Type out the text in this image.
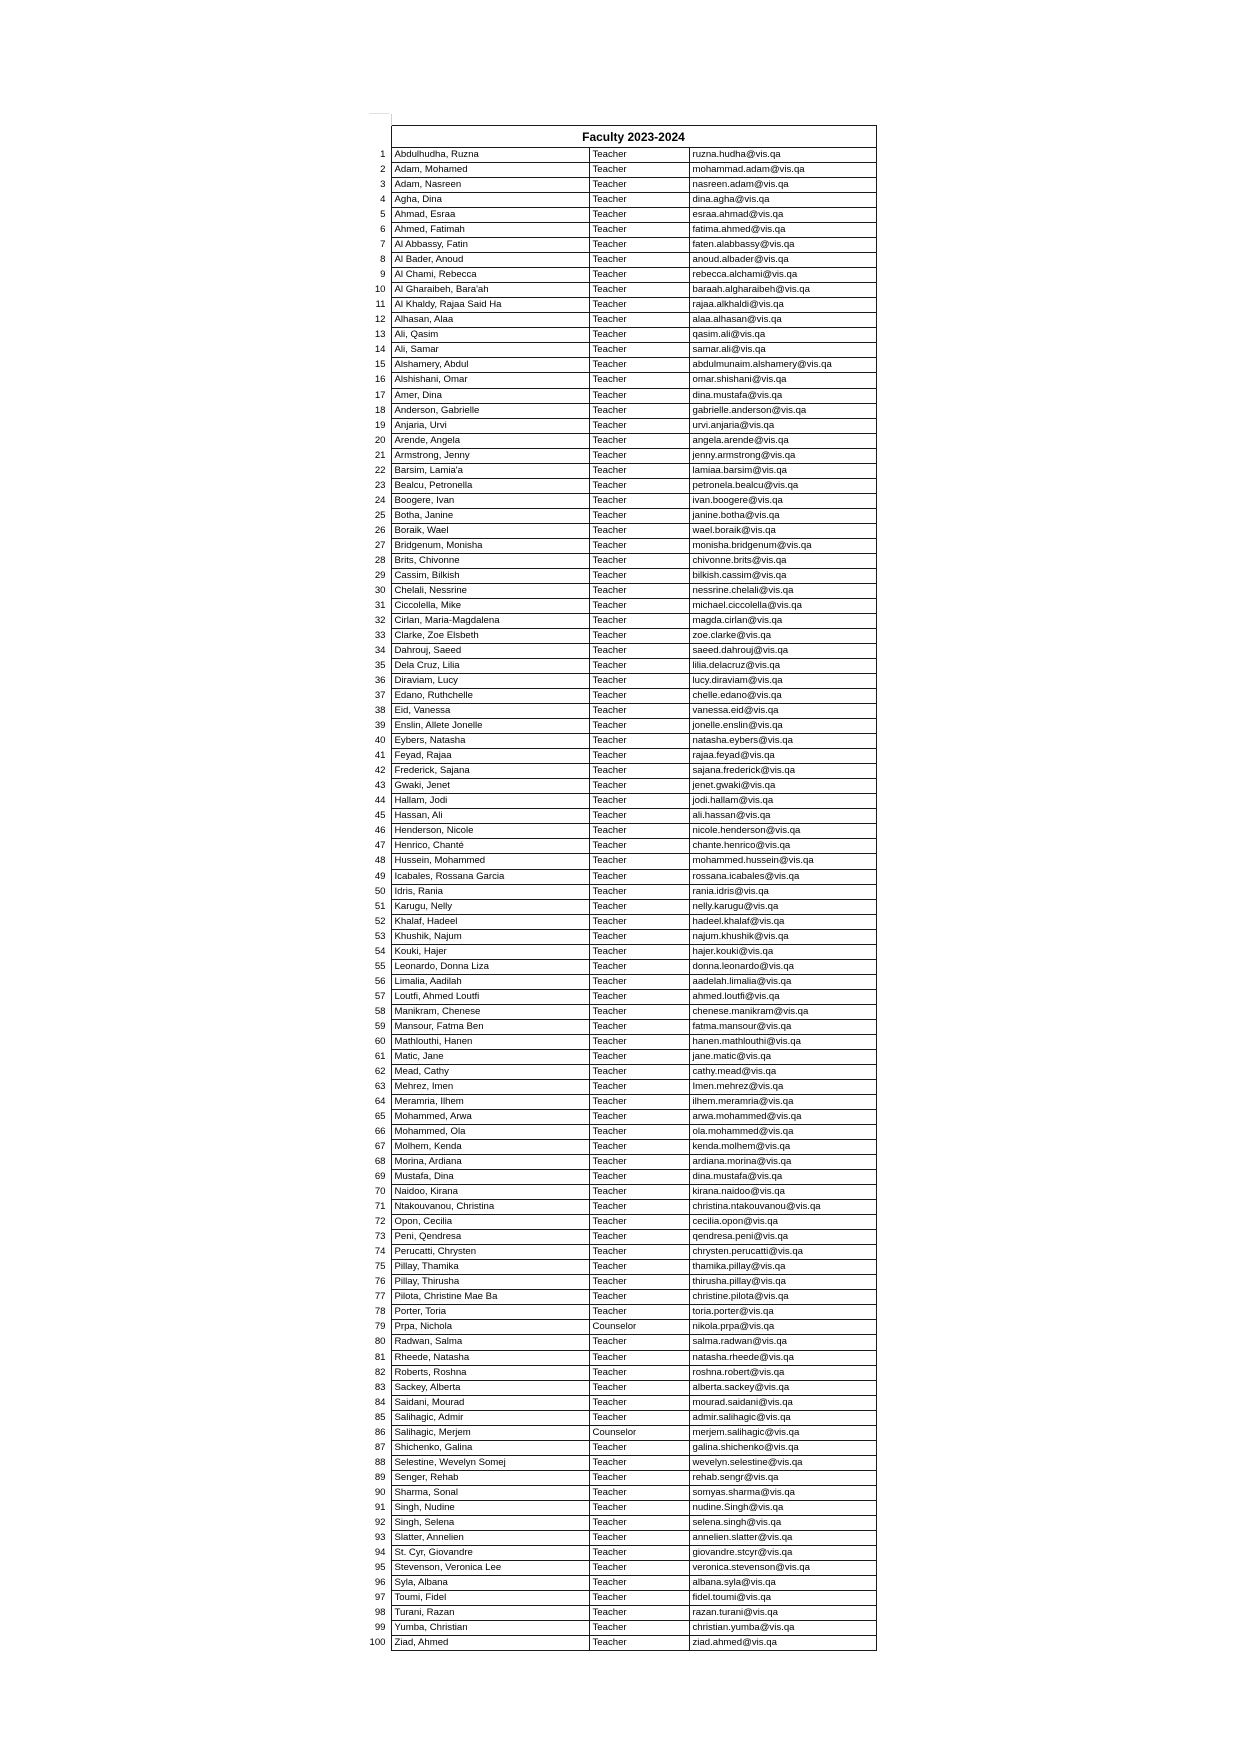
	Faculty 2023-2024		
1	Abdulhudha, Ruzna	Teacher	ruzna.hudha@vis.qa
2	Adam, Mohamed	Teacher	mohammad.adam@vis.qa
3	Adam, Nasreen	Teacher	nasreen.adam@vis.qa
4	Agha, Dina	Teacher	dina.agha@vis.qa
5	Ahmad, Esraa	Teacher	esraa.ahmad@vis.qa
6	Ahmed, Fatimah	Teacher	fatima.ahmed@vis.qa
7	Al Abbassy, Fatin	Teacher	faten.alabbassy@vis.qa
8	Al Bader, Anoud	Teacher	anoud.albader@vis.qa
9	Al Chami, Rebecca	Teacher	rebecca.alchami@vis.qa
10	Al Gharaibeh, Bara'ah	Teacher	baraah.algharaibeh@vis.qa
11	Al Khaldy, Rajaa Said Ha	Teacher	rajaa.alkhaldi@vis.qa
12	Alhasan, Alaa	Teacher	alaa.alhasan@vis.qa
13	Ali, Qasim	Teacher	qasim.ali@vis.qa
14	Ali, Samar	Teacher	samar.ali@vis.qa
15	Alshamery, Abdul	Teacher	abdulmunaim.alshamery@vis.qa
16	Alshishani, Omar	Teacher	omar.shishani@vis.qa
17	Amer, Dina	Teacher	dina.mustafa@vis.qa
18	Anderson, Gabrielle	Teacher	gabrielle.anderson@vis.qa
19	Anjaria, Urvi	Teacher	urvi.anjaria@vis.qa
20	Arende, Angela	Teacher	angela.arende@vis.qa
21	Armstrong, Jenny	Teacher	jenny.armstrong@vis.qa
22	Barsim, Lamia'a	Teacher	lamiaa.barsim@vis.qa
23	Bealcu, Petronella	Teacher	petronela.bealcu@vis.qa
24	Boogere, Ivan	Teacher	ivan.boogere@vis.qa
25	Botha, Janine	Teacher	janine.botha@vis.qa
26	Boraik, Wael	Teacher	wael.boraik@vis.qa
27	Bridgenum, Monisha	Teacher	monisha.bridgenum@vis.qa
28	Brits, Chivonne	Teacher	chivonne.brits@vis.qa
29	Cassim, Bilkish	Teacher	bilkish.cassim@vis.qa
30	Chelali, Nessrine	Teacher	nessrine.chelali@vis.qa
31	Ciccolella, Mike	Teacher	michael.ciccolella@vis.qa
32	Cirlan, Maria-Magdalena	Teacher	magda.cirlan@vis.qa
33	Clarke, Zoe Elsbeth	Teacher	zoe.clarke@vis.qa
34	Dahrouj, Saeed	Teacher	saeed.dahrouj@vis.qa
35	Dela Cruz, Lilia	Teacher	lilia.delacruz@vis.qa
36	Diraviam, Lucy	Teacher	lucy.diraviam@vis.qa
37	Edano, Ruthchelle	Teacher	chelle.edano@vis.qa
38	Eid, Vanessa	Teacher	vanessa.eid@vis.qa
39	Enslin, Allete Jonelle	Teacher	jonelle.enslin@vis.qa
40	Eybers, Natasha	Teacher	natasha.eybers@vis.qa
41	Feyad, Rajaa	Teacher	rajaa.feyad@vis.qa
42	Frederick, Sajana	Teacher	sajana.frederick@vis.qa
43	Gwaki, Jenet	Teacher	jenet.gwaki@vis.qa
44	Hallam, Jodi	Teacher	jodi.hallam@vis.qa
45	Hassan, Ali	Teacher	ali.hassan@vis.qa
46	Henderson, Nicole	Teacher	nicole.henderson@vis.qa
47	Henrico, Chanté	Teacher	chante.henrico@vis.qa
48	Hussein, Mohammed	Teacher	mohammed.hussein@vis.qa
49	Icabales, Rossana Garcia	Teacher	rossana.icabales@vis.qa
50	Idris, Rania	Teacher	rania.idris@vis.qa
51	Karugu, Nelly	Teacher	nelly.karugu@vis.qa
52	Khalaf, Hadeel	Teacher	hadeel.khalaf@vis.qa
53	Khushik, Najum	Teacher	najum.khushik@vis.qa
54	Kouki, Hajer	Teacher	hajer.kouki@vis.qa
55	Leonardo, Donna Liza	Teacher	donna.leonardo@vis.qa
56	Limalia, Aadilah	Teacher	aadelah.limalia@vis.qa
57	Loutfi, Ahmed Loutfi	Teacher	ahmed.loutfi@vis.qa
58	Manikram, Chenese	Teacher	chenese.manikram@vis.qa
59	Mansour, Fatma Ben	Teacher	fatma.mansour@vis.qa
60	Mathlouthi, Hanen	Teacher	hanen.mathlouthi@vis.qa
61	Matic, Jane	Teacher	jane.matic@vis.qa
62	Mead, Cathy	Teacher	cathy.mead@vis.qa
63	Mehrez, Imen	Teacher	Imen.mehrez@vis.qa
64	Meramria, Ilhem	Teacher	ilhem.meramria@vis.qa
65	Mohammed, Arwa	Teacher	arwa.mohammed@vis.qa
66	Mohammed, Ola	Teacher	ola.mohammed@vis.qa
67	Molhem, Kenda	Teacher	kenda.molhem@vis.qa
68	Morina, Ardiana	Teacher	ardiana.morina@vis.qa
69	Mustafa, Dina	Teacher	dina.mustafa@vis.qa
70	Naidoo, Kirana	Teacher	kirana.naidoo@vis.qa
71	Ntakouvanou, Christina	Teacher	christina.ntakouvanou@vis.qa
72	Opon, Cecilia	Teacher	cecilia.opon@vis.qa
73	Peni, Qendresa	Teacher	qendresa.peni@vis.qa
74	Perucatti, Chrysten	Teacher	chrysten.perucatti@vis.qa
75	Pillay, Thamika	Teacher	thamika.pillay@vis.qa
76	Pillay, Thirusha	Teacher	thirusha.pillay@vis.qa
77	Pilota, Christine Mae Ba	Teacher	christine.pilota@vis.qa
78	Porter, Toria	Teacher	toria.porter@vis.qa
79	Prpa, Nichola	Counselor	nikola.prpa@vis.qa
80	Radwan, Salma	Teacher	salma.radwan@vis.qa
81	Rheede, Natasha	Teacher	natasha.rheede@vis.qa
82	Roberts, Roshna	Teacher	roshna.robert@vis.qa
83	Sackey, Alberta	Teacher	alberta.sackey@vis.qa
84	Saidani, Mourad	Teacher	mourad.saidani@vis.qa
85	Salihagic, Admir	Teacher	admir.salihagic@vis.qa
86	Salihagic, Merjem	Counselor	merjem.salihagic@vis.qa
87	Shichenko, Galina	Teacher	galina.shichenko@vis.qa
88	Selestine, Wevelyn Somej	Teacher	wevelyn.selestine@vis.qa
89	Senger, Rehab	Teacher	rehab.sengr@vis.qa
90	Sharma, Sonal	Teacher	somyas.sharma@vis.qa
91	Singh, Nudine	Teacher	nudine.Singh@vis.qa
92	Singh, Selena	Teacher	selena.singh@vis.qa
93	Slatter, Annelien	Teacher	annelien.slatter@vis.qa
94	St. Cyr, Giovandre	Teacher	giovandre.stcyr@vis.qa
95	Stevenson, Veronica Lee	Teacher	veronica.stevenson@vis.qa
96	Syla, Albana	Teacher	albana.syla@vis.qa
97	Toumi, Fidel	Teacher	fidel.toumi@vis.qa
98	Turani, Razan	Teacher	razan.turani@vis.qa
99	Yumba, Christian	Teacher	christian.yumba@vis.qa
100	Ziad, Ahmed	Teacher	ziad.ahmed@vis.qa
